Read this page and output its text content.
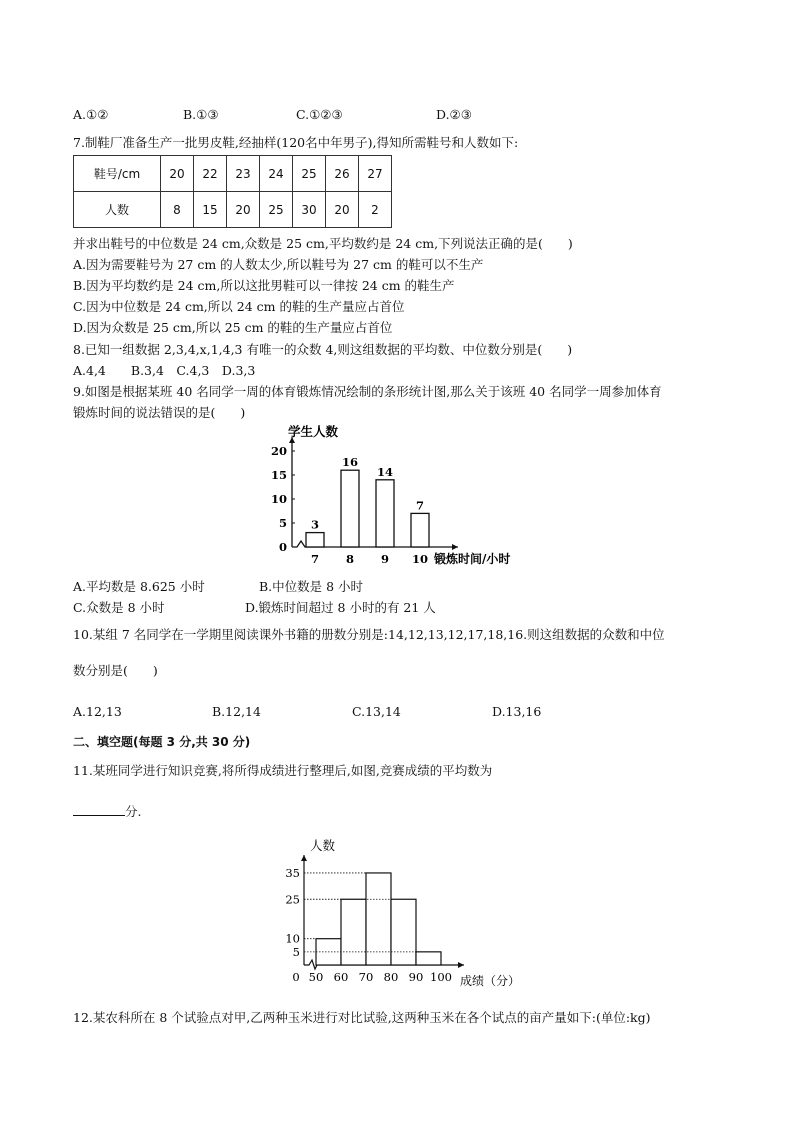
A.①②	B.①③	C.①②③	D.②③
7.制鞋厂准备生产一批男皮鞋,经抽样(120名中年男子),得知所需鞋号和人数如下:
鞋号/cm	20	22	23	24	25	26	27
人数	8	15	20	25	30	20	2
并求出鞋号的中位数是 24 cm,众数是 25 cm,平均数约是 24 cm,下列说法正确的是(　　)
A.因为需要鞋号为 27 cm 的人数太少,所以鞋号为 27 cm 的鞋可以不生产
B.因为平均数约是 24 cm,所以这批男鞋可以一律按 24 cm 的鞋生产
C.因为中位数是 24 cm,所以 24 cm 的鞋的生产量应占首位
D.因为众数是 25 cm,所以 25 cm 的鞋的生产量应占首位
8.已知一组数据 2,3,4,x,1,4,3 有唯一的众数 4,则这组数据的平均数、中位数分别是(　　)
A.4,4　　B.3,4　C.4,3　D.3,3
9.如图是根据某班 40 名同学一周的体育锻炼情况绘制的条形统计图,那么关于该班 40 名同学一周参加体育
锻炼时间的说法错误的是(　　)
0
5
10
15
20
3
7
16
8
14
9
7
10
学生人数
锻炼时间/小时
A.平均数是 8.625 小时	B.中位数是 8 小时
C.众数是 8 小时	D.锻炼时间超过 8 小时的有 21 人
10.某组 7 名同学在一学期里阅读课外书籍的册数分别是:14,12,13,12,17,18,16.则这组数据的众数和中位
数分别是(　　)
A.12,13	B.12,14	C.13,14	D.13,16
二、填空题(每题 3 分,共 30 分)
11.某班同学进行知识竞赛,将所得成绩进行整理后,如图,竞赛成绩的平均数为
分.
5
10
25
35
0 50 60 70 80 90 100
人数
成绩（分）
12.某农科所在 8 个试验点对甲,乙两种玉米进行对比试验,这两种玉米在各个试点的亩产量如下:(单位:kg)
